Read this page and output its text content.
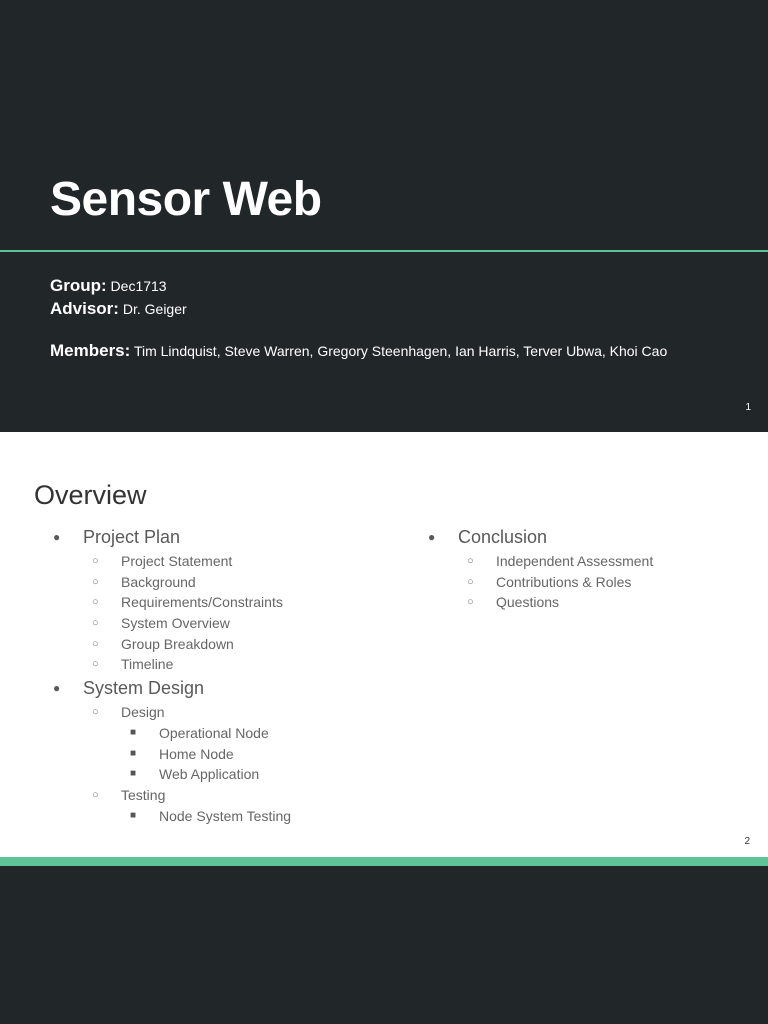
Sensor Web
Group: Dec1713
Advisor: Dr. Geiger
Members: Tim Lindquist, Steve Warren, Gregory Steenhagen, Ian Harris, Terver Ubwa, Khoi Cao
1
Overview
● Project Plan
○ Project Statement
○ Background
○ Requirements/Constraints
○ System Overview
○ Group Breakdown
○ Timeline
● System Design
○ Design
■ Operational Node
■ Home Node
■ Web Application
○ Testing
■ Node System Testing
● Conclusion
○ Independent Assessment
○ Contributions & Roles
○ Questions
2
